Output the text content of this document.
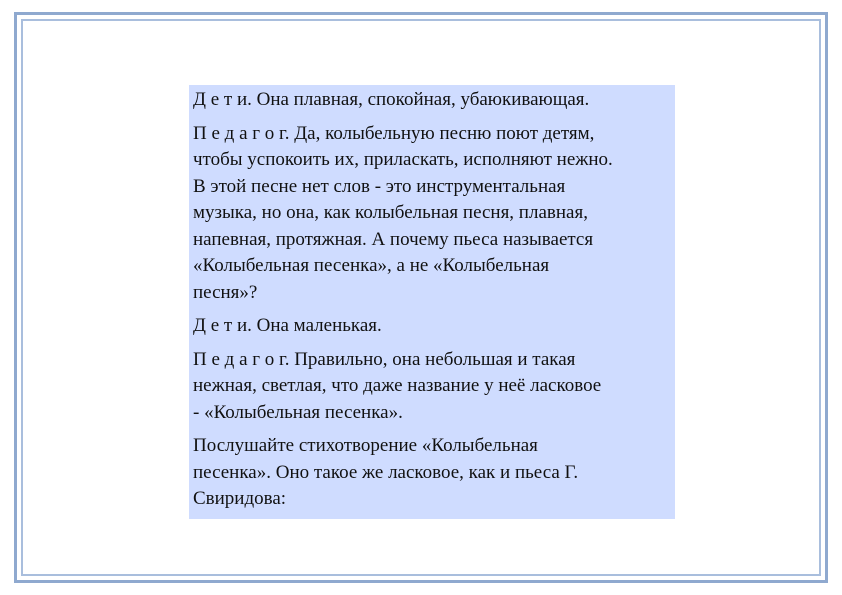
Д е т и. Она плавная, спокойная, убаюкивающая.

П е д а г о г. Да, колыбельную песню поют детям,
чтобы успокоить их, приласкать, исполняют нежно.
В этой песне нет слов - это инструментальная
музыка, но она, как колыбельная песня, плавная,
напевная, протяжная. А почему пьеса называется
«Колыбельная песенка», а не «Колыбельная
песня»?

Д е т и. Она маленькая.

П е д а г о г. Правильно, она небольшая и такая
нежная, светлая, что даже название у неё ласковое
- «Колыбельная песенка».

Послушайте стихотворение «Колыбельная
песенка». Оно такое же ласковое, как и пьеса Г.
Свиридова:
